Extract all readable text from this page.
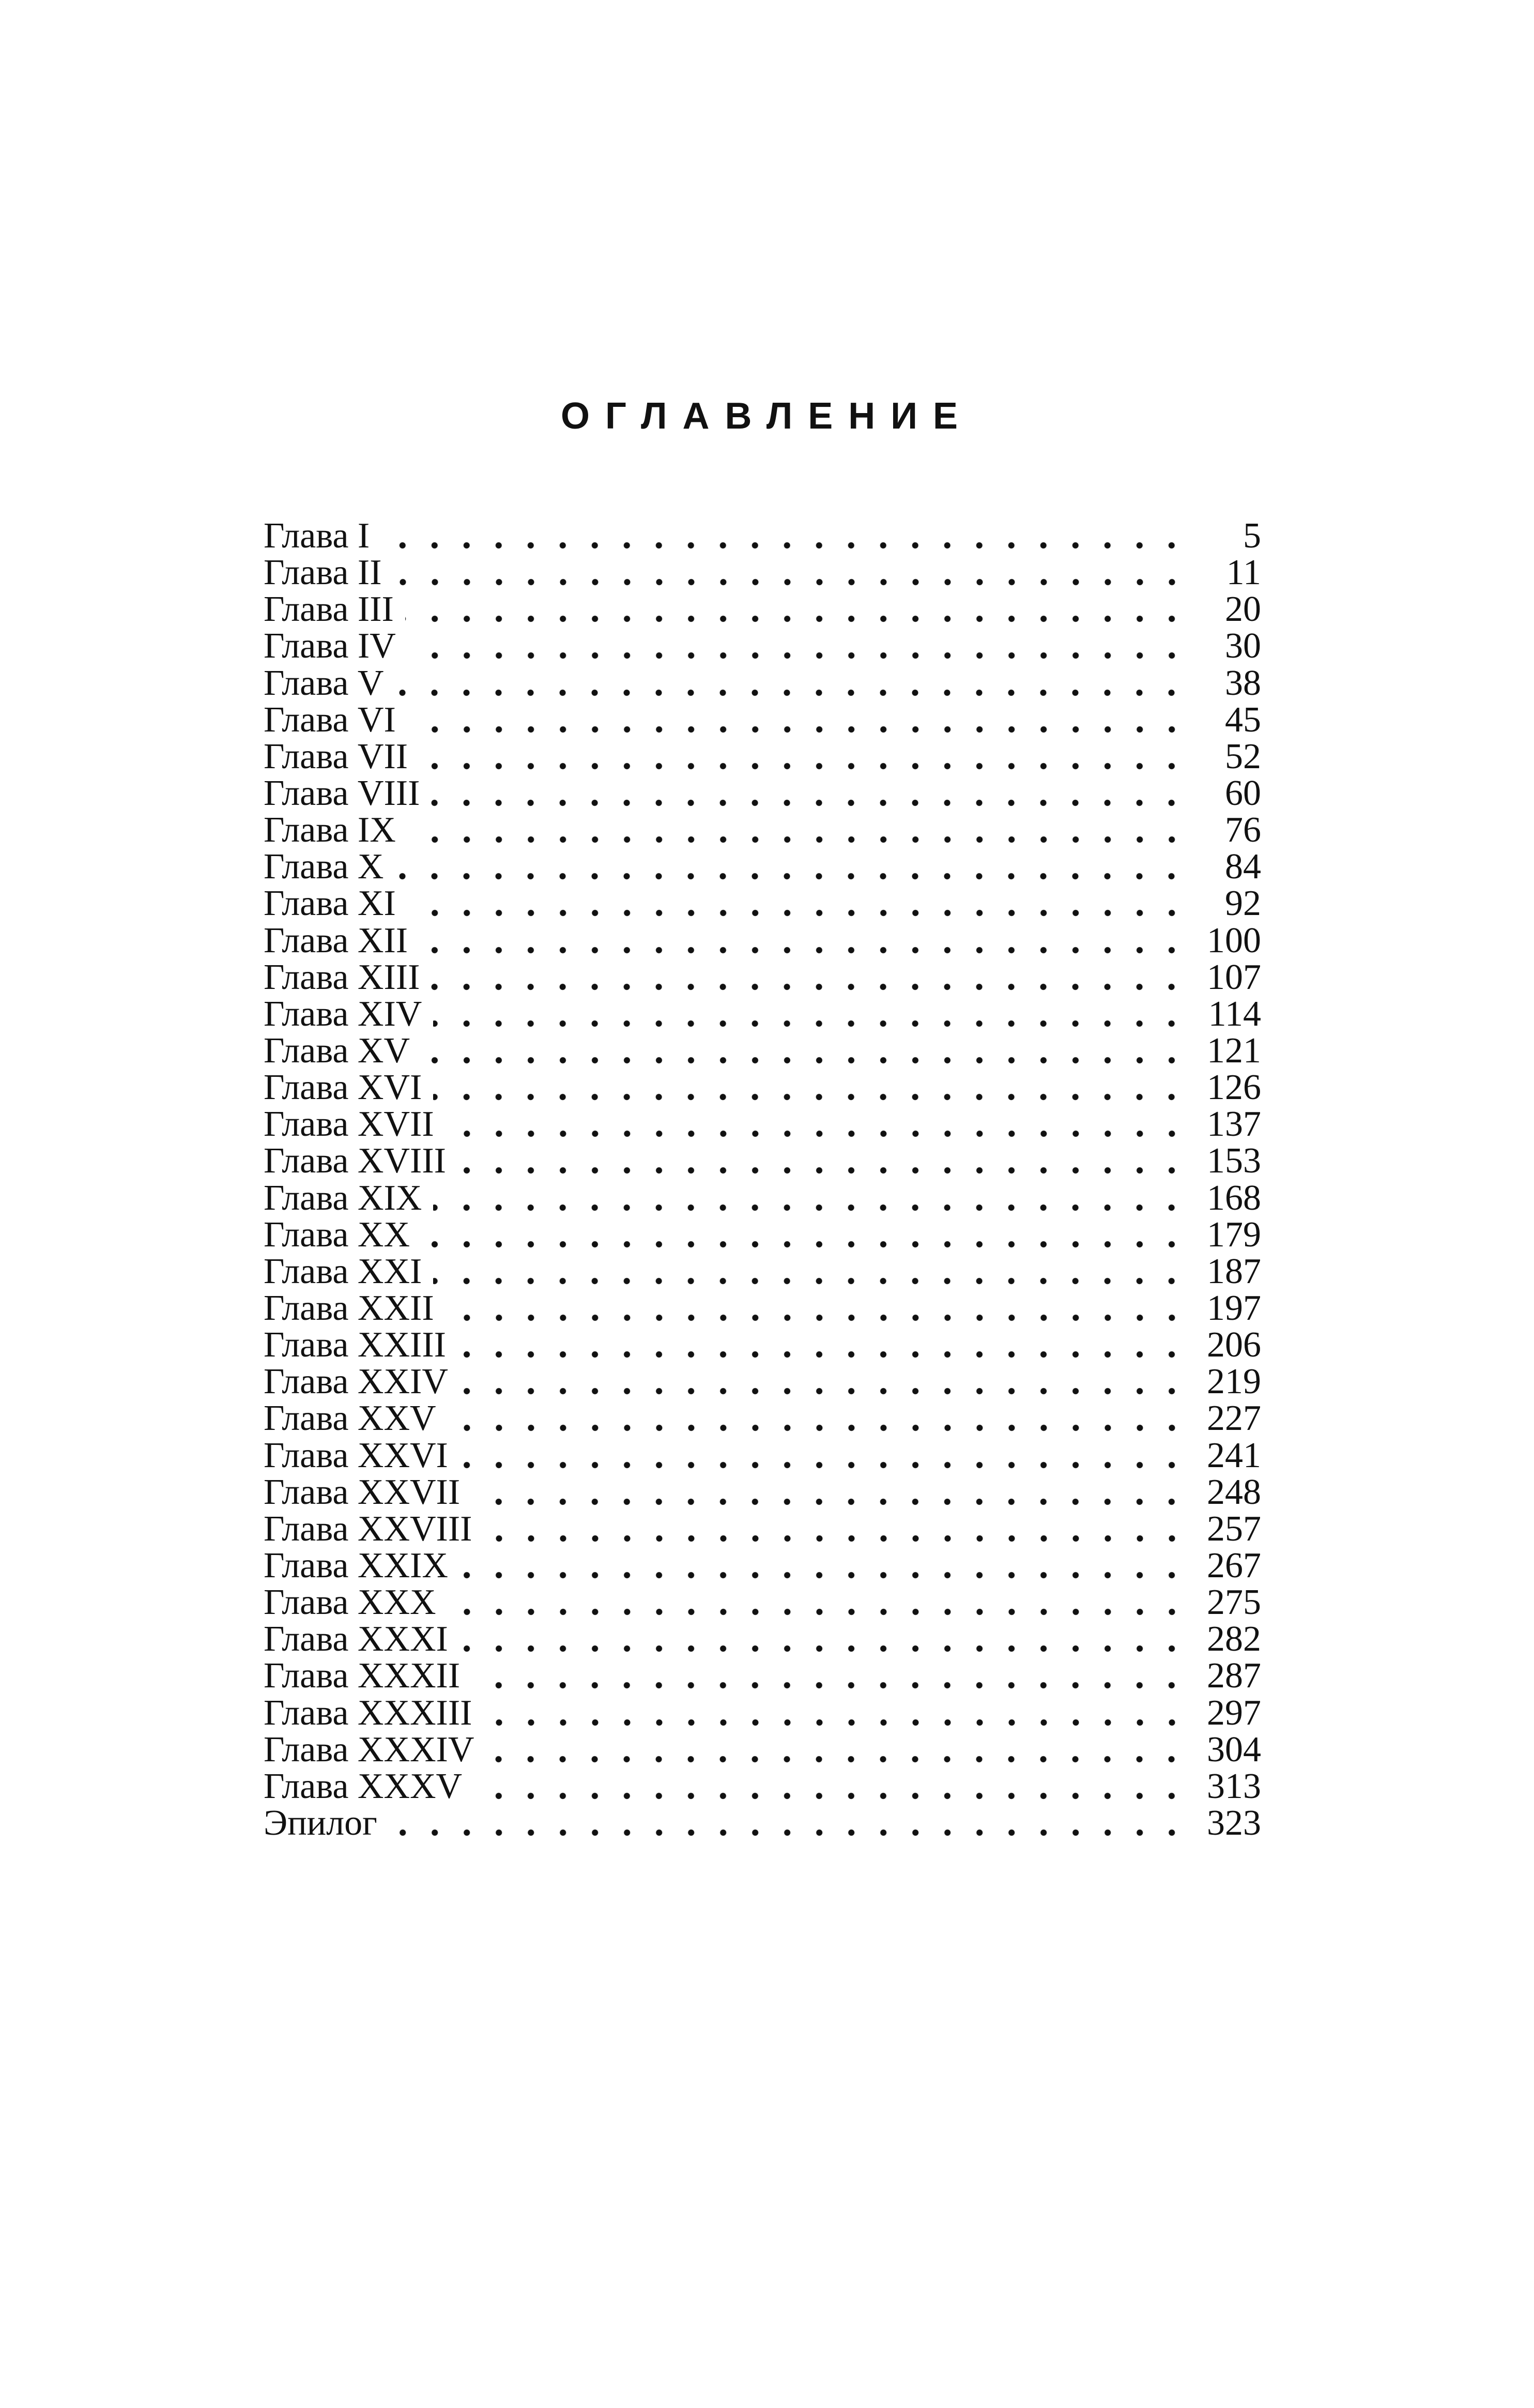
ОГЛАВЛЕНИЕ
Глава I	5
Глава II	11
Глава III	20
Глава IV	30
Глава V	38
Глава VI	45
Глава VII	52
Глава VIII	60
Глава IX	76
Глава X	84
Глава XI	92
Глава XII	100
Глава XIII	107
Глава XIV	114
Глава XV	121
Глава XVI	126
Глава XVII	137
Глава XVIII	153
Глава XIX	168
Глава XX	179
Глава XXI	187
Глава XXII	197
Глава XXIII	206
Глава XXIV	219
Глава XXV	227
Глава XXVI	241
Глава XXVII	248
Глава XXVIII	257
Глава XXIX	267
Глава XXX	275
Глава XXXI	282
Глава XXXII	287
Глава XXXIII	297
Глава XXXIV	304
Глава XXXV	313
Эпилог	323
